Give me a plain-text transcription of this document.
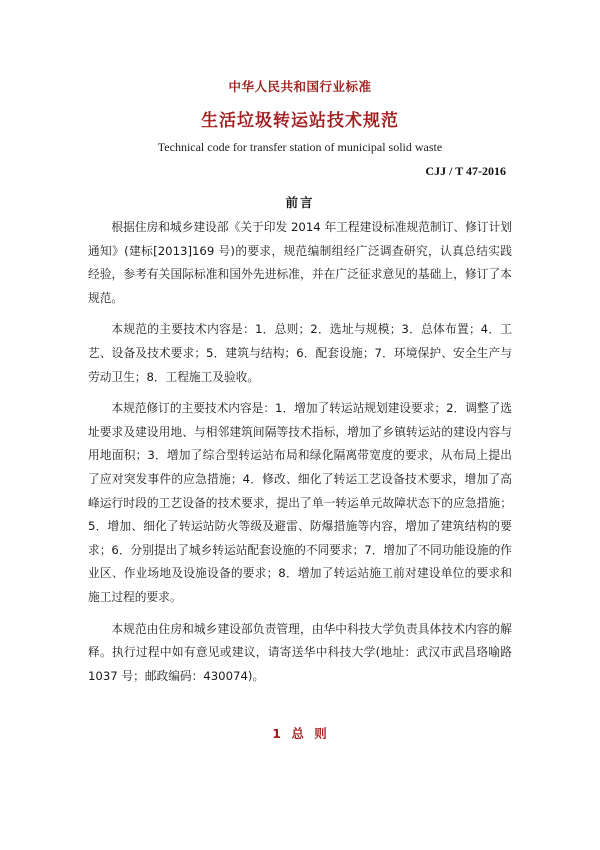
中华人民共和国行业标准
生活垃圾转运站技术规范
Technical code for transfer station of municipal solid waste
CJJ / T 47-2016
前言

根据住房和城乡建设部《关于印发 2014 年工程建设标准规范制订、修订计划通知》(建标[2013]169 号)的要求，规范编制组经广泛调查研究，认真总结实践经验，参考有关国际标准和国外先进标准，并在广泛征求意见的基础上，修订了本规范。

本规范的主要技术内容是：1．总则；2．选址与规模；3．总体布置；4．工艺、设备及技术要求；5．建筑与结构；6．配套设施；7．环境保护、安全生产与劳动卫生；8．工程施工及验收。

本规范修订的主要技术内容是：1．增加了转运站规划建设要求；2．调整了选址要求及建设用地、与相邻建筑间隔等技术指标，增加了乡镇转运站的建设内容与用地面积；3．增加了综合型转运站布局和绿化隔离带宽度的要求，从布局上提出了应对突发事件的应急措施；4．修改、细化了转运工艺设备技术要求，增加了高峰运行时段的工艺设备的技术要求，提出了单一转运单元故障状态下的应急措施；5．增加、细化了转运站防火等级及避雷、防爆措施等内容，增加了建筑结构的要求；6．分别提出了城乡转运站配套设施的不同要求；7．增加了不同功能设施的作业区、作业场地及设施设备的要求；8．增加了转运站施工前对建设单位的要求和施工过程的要求。

本规范由住房和城乡建设部负责管理，由华中科技大学负责具体技术内容的解释。执行过程中如有意见或建议，请寄送华中科技大学(地址：武汉市武昌珞喻路 1037 号；邮政编码：430074)。

1 总 则
